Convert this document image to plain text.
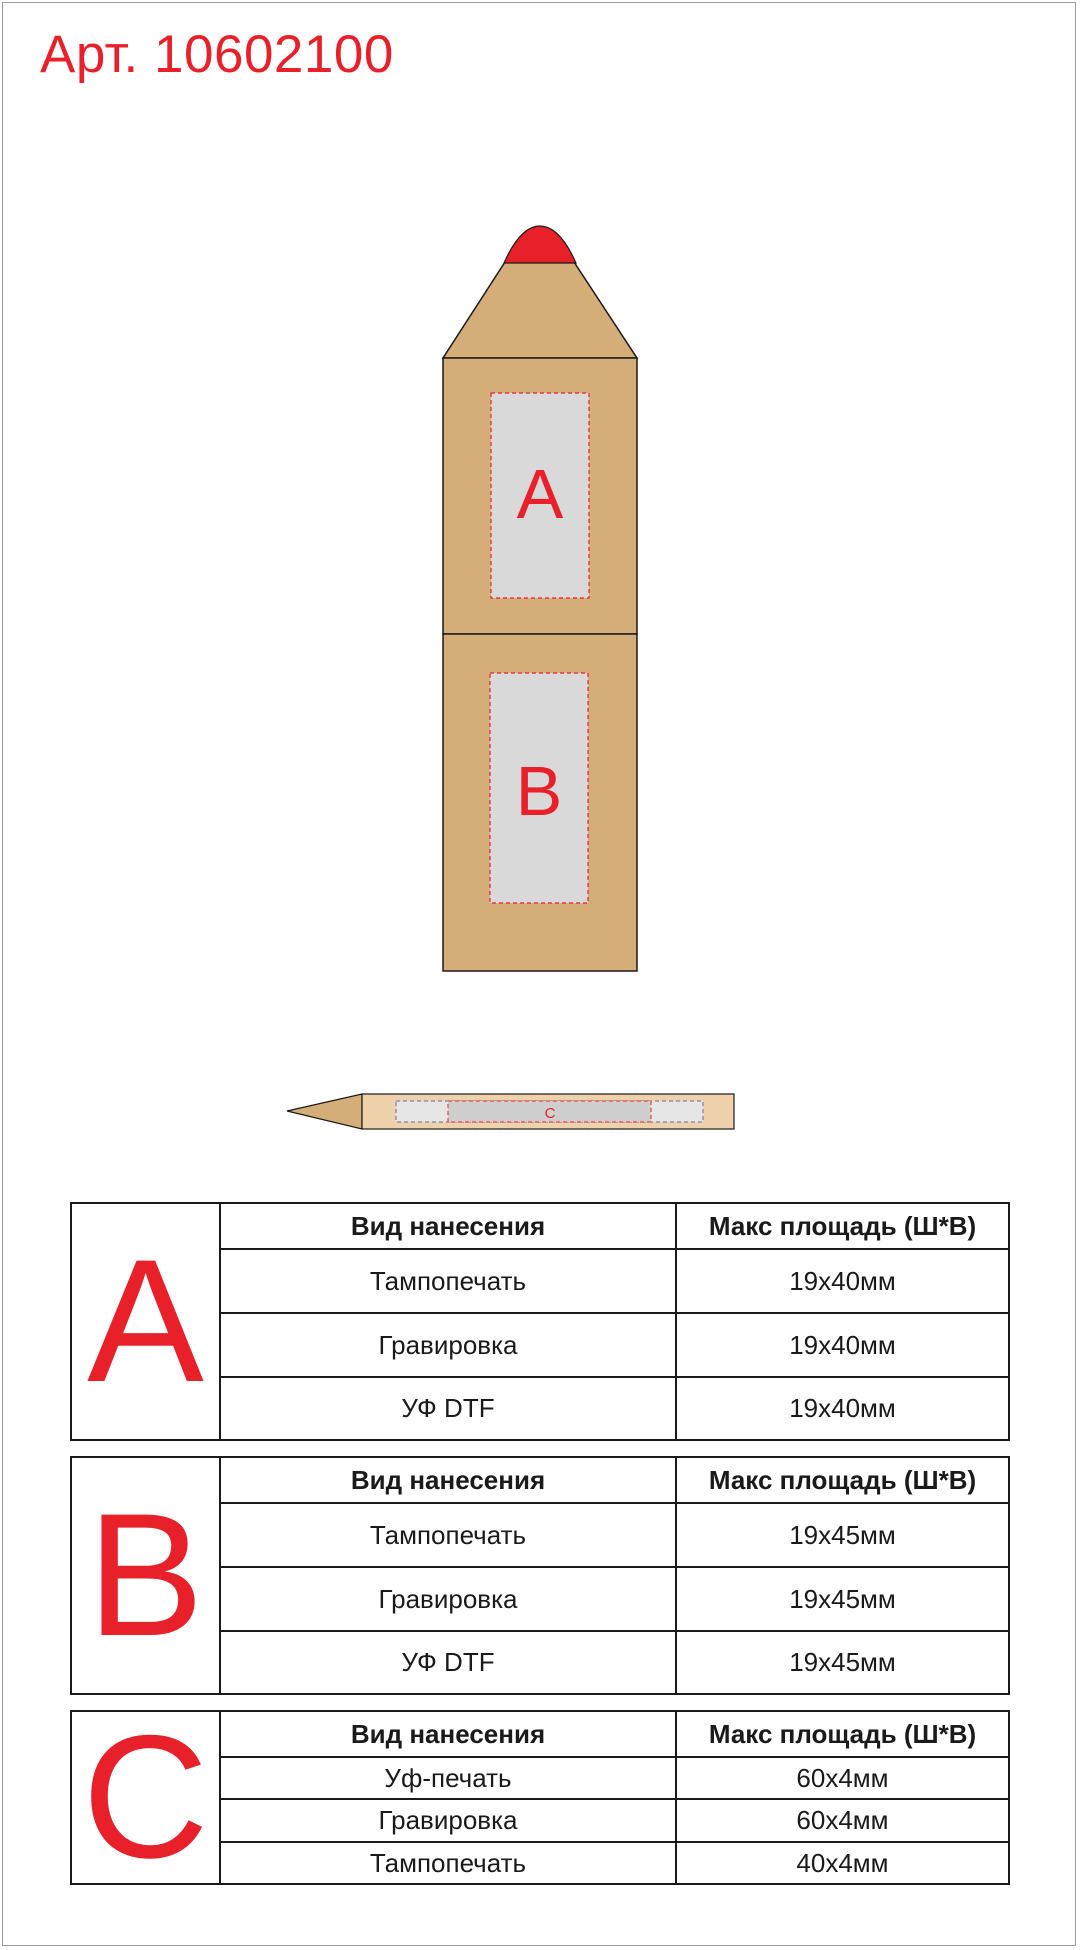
Арт. 10602100
A
B
C
A	Вид нанесения	Макс площадь (Ш*В)
Тампопечать	19x40мм
Гравировка	19x40мм
УФ DTF	19x40мм
B	Вид нанесения	Макс площадь (Ш*В)
Тампопечать	19x45мм
Гравировка	19x45мм
УФ DTF	19x45мм
C	Вид нанесения	Макс площадь (Ш*В)
Уф-печать	60x4мм
Гравировка	60x4мм
Тампопечать	40x4мм
